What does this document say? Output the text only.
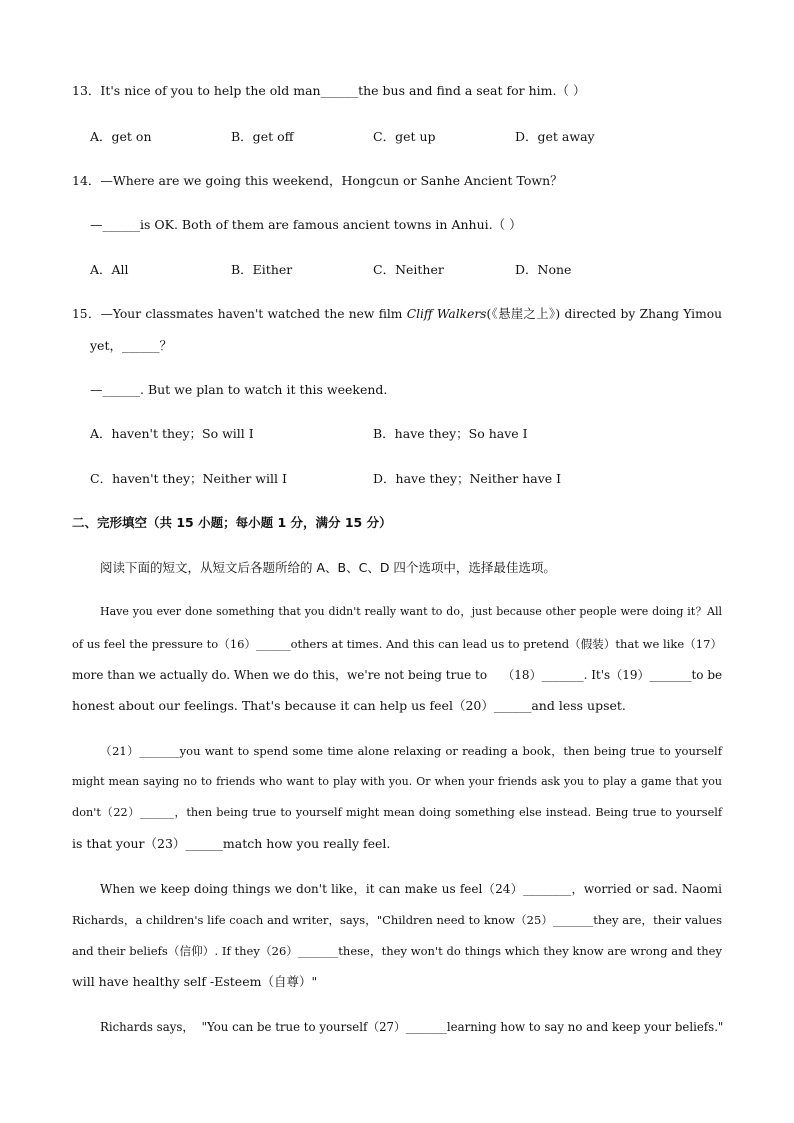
13．It's nice of you to help the old man______the bus and find a seat for him.（ ）
A．get on	B．get off	C．get up	D．get away
14．—Where are we going this weekend，Hongcun or Sanhe Ancient Town？
—______is OK. Both of them are famous ancient towns in Anhui.（ ）
A．All	B．Either	C．Neither	D．None
15．—Your classmates haven't watched the new film Cliff Walkers(《悬崖之上》) directed by Zhang Yimou
yet，______？
—______. But we plan to watch it this weekend.
A．haven't they；So will I	B．have they；So have I
C．haven't they；Neither will I	D．have they；Neither have I
二、完形填空（共 15 小题；每小题 1 分，满分 15 分）
阅读下面的短文，从短文后各题所给的 A、B、C、D 四个选项中，选择最佳选项。
Have you ever done something that you didn't really want to do，just because other people were doing it？All
of us feel the pressure to（16）______others at times. And this can lead us to pretend（假装）that we like（17）
more than we actually do. When we do this，we're not being true to    （18）_______. It's（19）_______to be
honest about our feelings. That's because it can help us feel（20）______and less upset.
（21）_______you want to spend some time alone relaxing or reading a book，then being true to yourself
might mean saying no to friends who want to play with you. Or when your friends ask you to play a game that you
don't（22）______，then being true to yourself might mean doing something else instead. Being true to yourself
is that your（23）______match how you really feel.
When we keep doing things we don't like，it can make us feel（24）________，worried or sad. Naomi
Richards，a children's life coach and writer，says，"Children need to know（25）_______they are，their values
and their beliefs（信仰）. If they（26）_______these，they won't do things which they know are wrong and they
will have healthy self -Esteem（自尊）"
Richards says，  "You can be true to yourself（27）_______learning how to say no and keep your beliefs."
